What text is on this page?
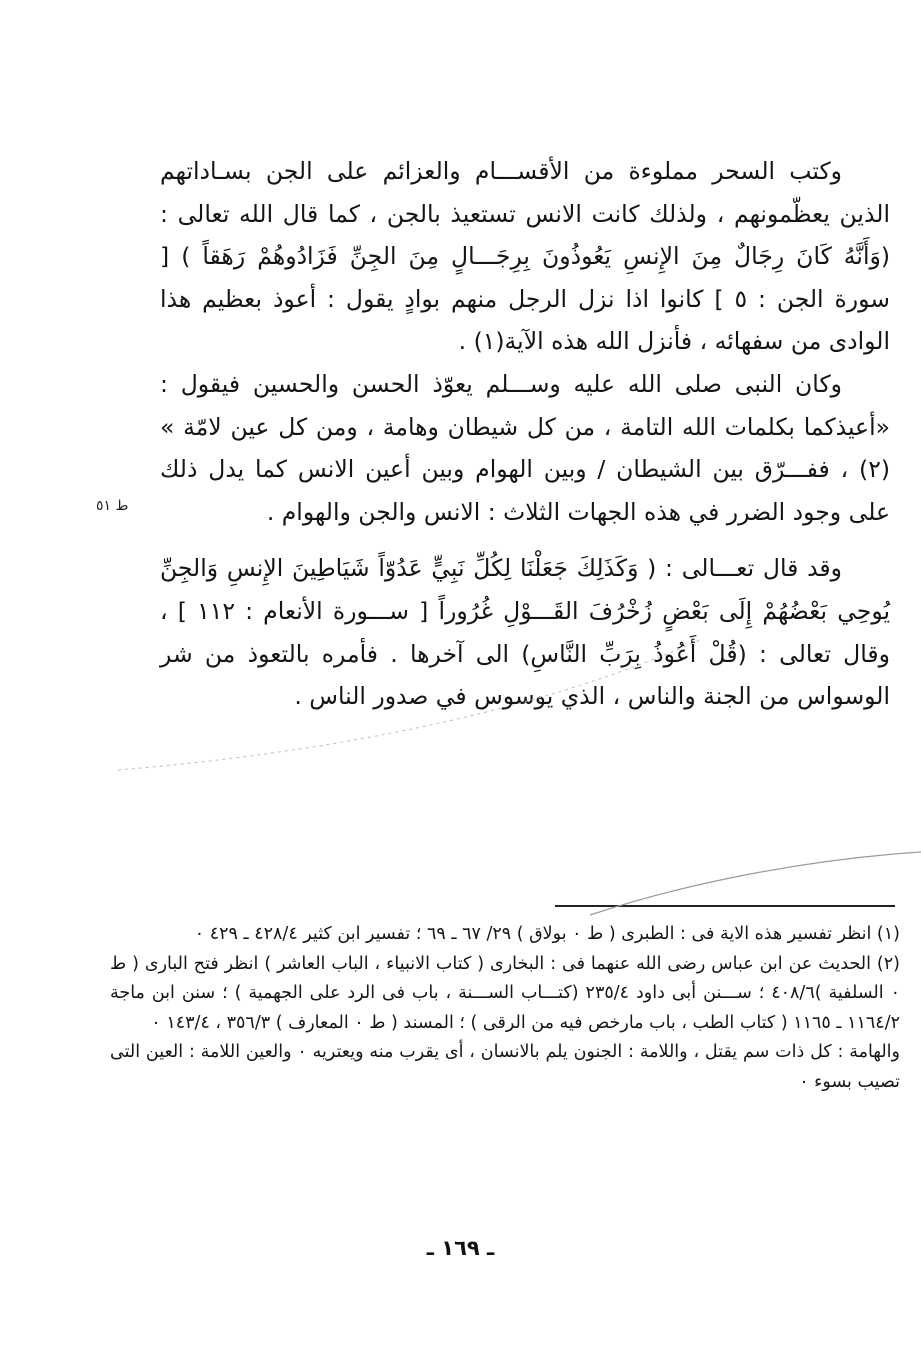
وكتب السحر مملوءة من الأقســـام والعزائم على الجن بسـاداتهم الذين يعظّمونهم ، ولذلك كانت الانس تستعيذ بالجن ، كما قال الله تعالى : (وَأَنَّهُ كَانَ رِجَالٌ مِنَ الإِنسِ يَعُوذُونَ بِرِجَـــالٍ مِنَ الجِنِّ فَزَادُوهُمْ رَهَقاً ) [ سورة الجن : ٥ ] كانوا اذا نزل الرجل منهم بوادٍ يقول : أعوذ بعظيم هذا الوادى من سفهائه ، فأنزل الله هذه الآية(١) .

وكان النبى صلى الله عليه وســـلم يعوّذ الحسن والحسين فيقول : «أعيذكما بكلمات الله التامة ، من كل شيطان وهامة ، ومن كل عين لامّة » (٢) ، ففـــرّق بين الشيطان / وبين الهوام وبين أعين الانس كما يدل ذلك على وجود الضرر في هذه الجهات الثلاث : الانس والجن والهوام .

وقد قال تعـــالى : ( وَكَذَلِكَ جَعَلْنَا لِكُلِّ نَبِيٍّ عَدُوّاً شَيَاطِينَ الإِنسِ وَالجِنِّ يُوحِي بَعْضُهُمْ إِلَى بَعْضٍ زُخْرُفَ القَـــوْلِ غُرُوراً [ ســـورة الأنعام : ١١٢ ] ، وقال تعالى : (قُلْ أَعُوذُ بِرَبِّ النَّاسِ) الى آخرها . فأمره بالتعوذ من شر الوسواس من الجنة والناس ، الذي يوسوس في صدور الناس .

ط ٥١

(١) انظر تفسير هذه الاية فى : الطبرى ( ط ٠ بولاق ) ٢٩/ ٦٧ ـ ٦٩ ؛ تفسير ابن كثير ٤٢٨/٤ ـ ٤٢٩ ٠

(٢) الحديث عن ابن عباس رضى الله عنهما فى : البخارى ( كتاب الانبياء ، الباب العاشر ) انظر فتح البارى ( ط ٠ السلفية )٤٠٨/٦ ؛ ســـنن أبى داود ٢٣٥/٤ (كتـــاب الســـنة ، باب فى الرد على الجهمية ) ؛ سنن ابن ماجة ١١٦٤/٢ ـ ١١٦٥ ( كتاب الطب ، باب مارخص فيه من الرقى ) ؛ المسند ( ط ٠ المعارف ) ٣٥٦/٣ ، ١٤٣/٤ ٠

والهامة : كل ذات سم يقتل ، واللامة : الجنون يلم بالانسان ، أى يقرب منه ويعتريه ٠ والعين اللامة : العين التى تصيب بسوء ٠

ـ ١٦٩ ـ
